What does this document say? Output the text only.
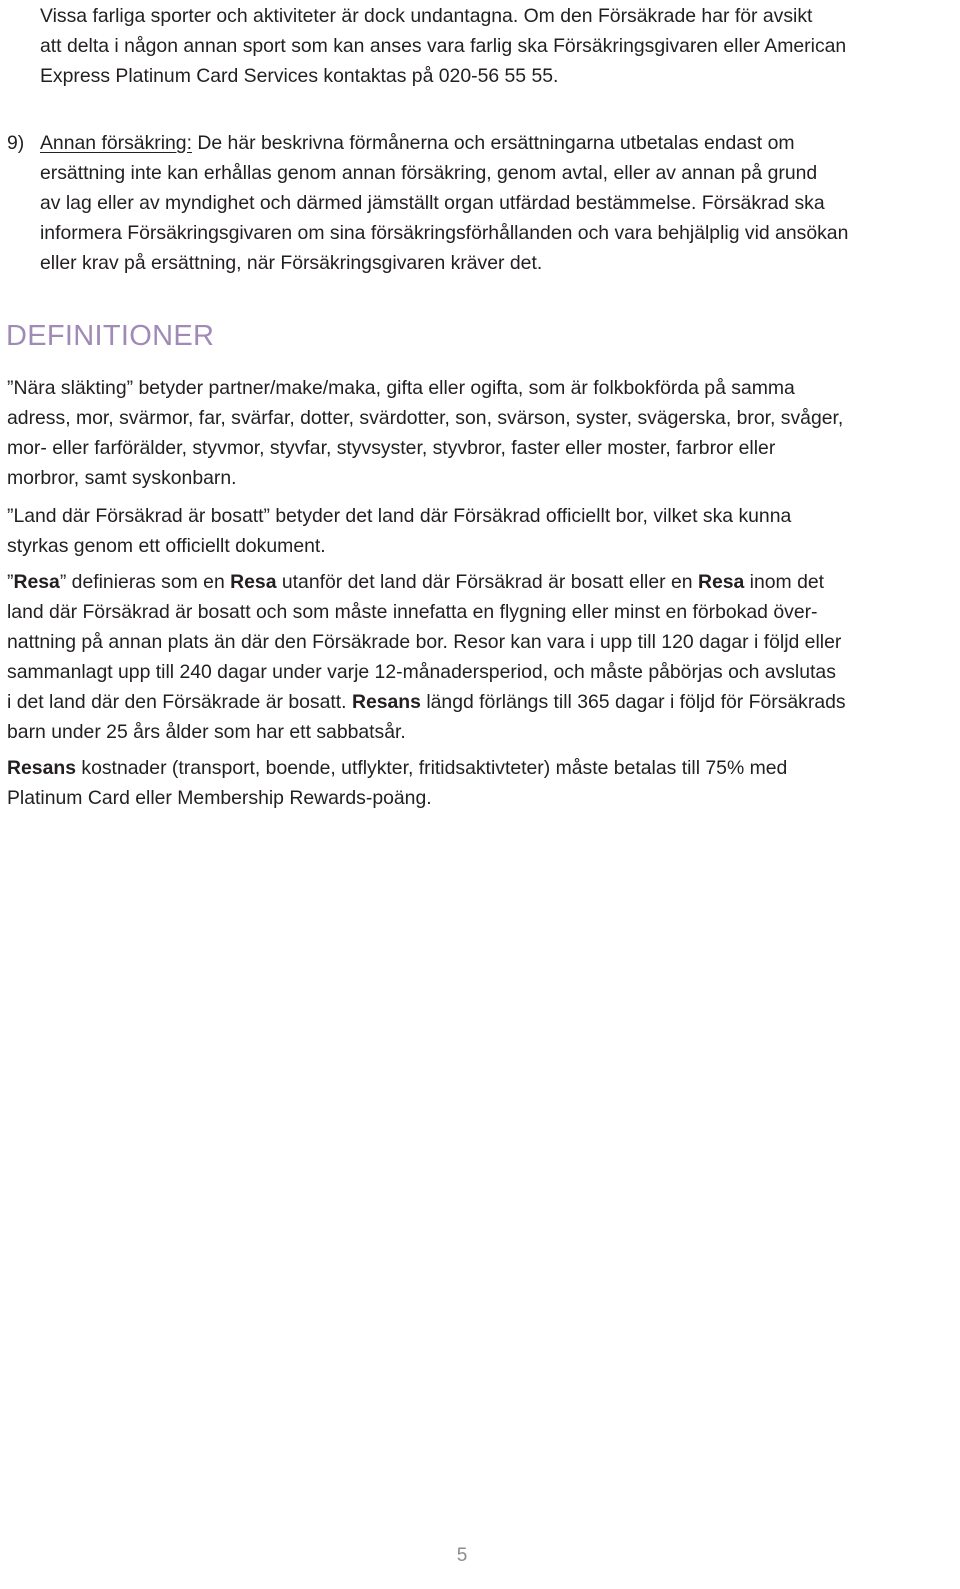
Vissa farliga sporter och aktiviteter är dock undantagna. Om den Försäkrade har för avsikt
att delta i någon annan sport som kan anses vara farlig ska Försäkringsgivaren eller American
Express Platinum Card Services kontaktas på 020-56 55 55.

9) Annan försäkring: De här beskrivna förmånerna och ersättningarna utbetalas endast om
ersättning inte kan erhållas genom annan försäkring, genom avtal, eller av annan på grund
av lag eller av myndighet och därmed jämställt organ utfärdad bestämmelse. Försäkrad ska
informera Försäkringsgivaren om sina försäkringsförhållanden och vara behjälplig vid ansökan
eller krav på ersättning, när Försäkringsgivaren kräver det.

DEFINITIONER

”Nära släkting” betyder partner/make/maka, gifta eller ogifta, som är folkbokförda på samma
adress, mor, svärmor, far, svärfar, dotter, svärdotter, son, svärson, syster, svägerska, bror, svåger,
mor- eller farförälder, styvmor, styvfar, styvsyster, styvbror, faster eller moster, farbror eller
morbror, samt syskonbarn.

”Land där Försäkrad är bosatt” betyder det land där Försäkrad officiellt bor, vilket ska kunna
styrkas genom ett officiellt dokument.

”Resa” definieras som en Resa utanför det land där Försäkrad är bosatt eller en Resa inom det
land där Försäkrad är bosatt och som måste innefatta en flygning eller minst en förbokad över-
nattning på annan plats än där den Försäkrade bor. Resor kan vara i upp till 120 dagar i följd eller
sammanlagt upp till 240 dagar under varje 12-månadersperiod, och måste påbörjas och avslutas
i det land där den Försäkrade är bosatt. Resans längd förlängs till 365 dagar i följd för Försäkrads
barn under 25 års ålder som har ett sabbatsår.

Resans kostnader (transport, boende, utflykter, fritidsaktivteter) måste betalas till 75% med
Platinum Card eller Membership Rewards-poäng.

5
